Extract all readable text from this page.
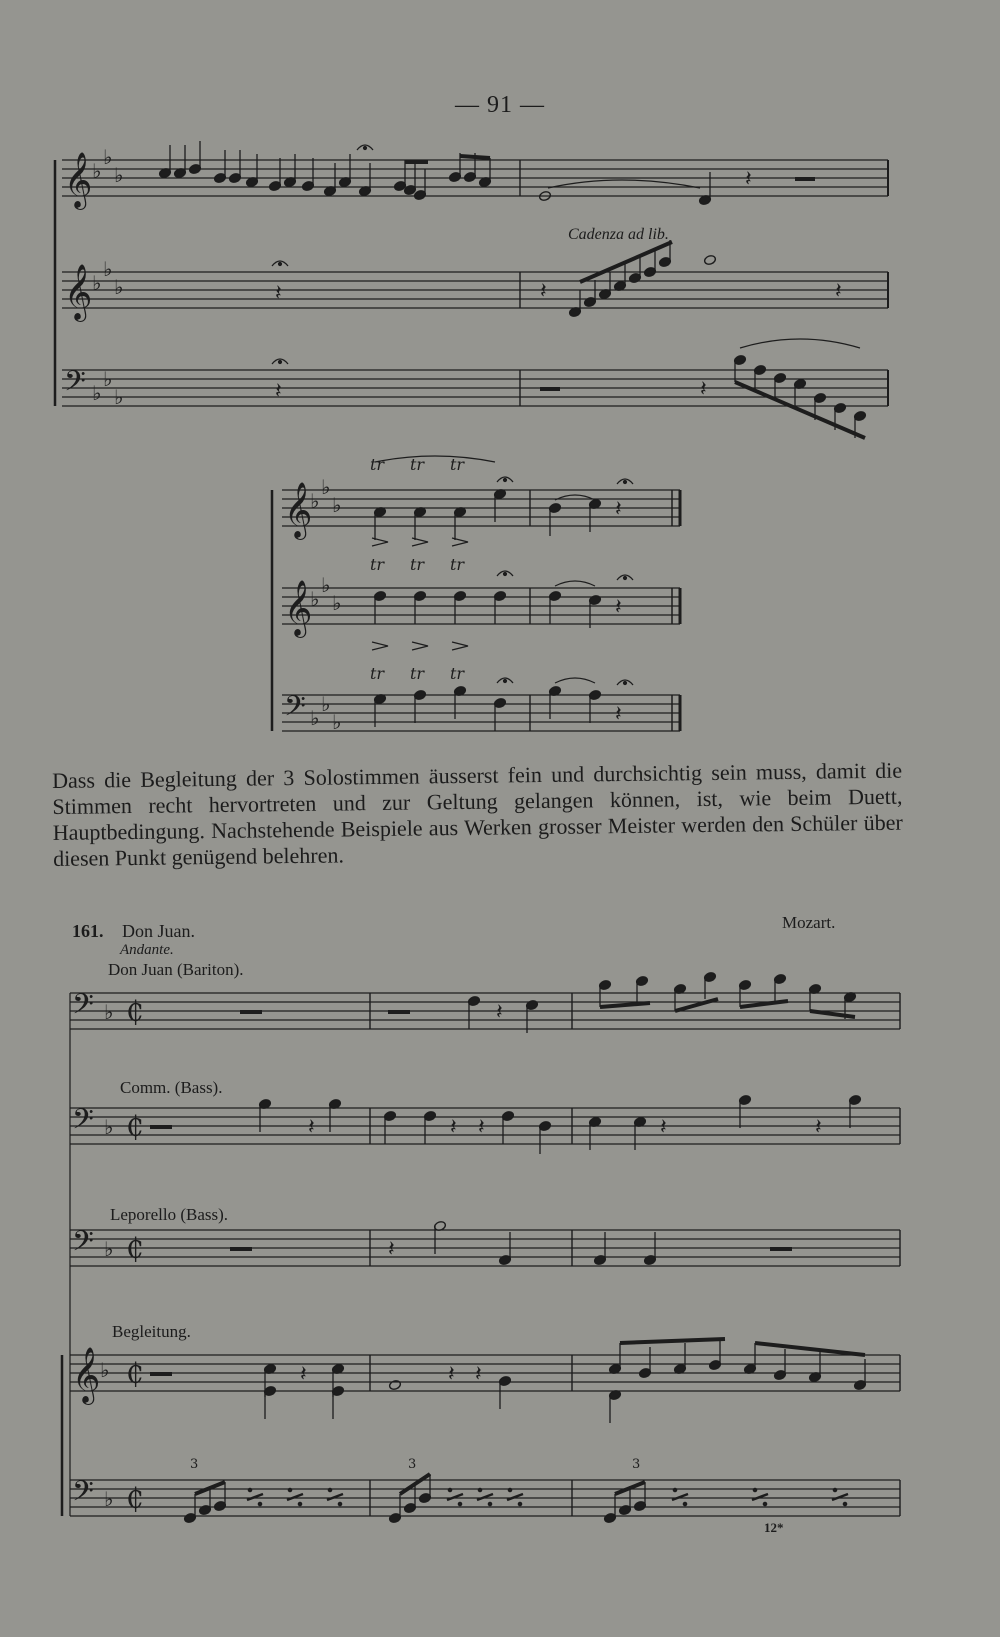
— 91 —
𝄞
𝄞
𝄢
♭
♭
♭
♭
♭
♭
♭
♭
♭
𝄽
𝄽	𝄽	𝄽
𝄽	𝄽
𝄞
𝄞
𝄢
♭
♭
♭
♭
♭
♭
♭
♭
♭
tr
tr
tr
tr
tr
tr
tr
tr
tr
𝄽
𝄽
𝄽
𝄢 ♭ ₵
𝄢 ♭ ₵
𝄢 ♭ ₵
𝄞 ♭ ₵
𝄢 ♭ ₵
𝄽
𝄽	𝄽 𝄽	𝄽	𝄽
𝄽
𝄽	𝄽 𝄽
3	3	3
Cadenza ad lib.

Dass die Begleitung der 3 Solostimmen äusserst fein und durchsichtig sein muss, damit die Stimmen recht hervortreten und zur Geltung gelangen können, ist, wie beim Duett, Hauptbedingung. Nachstehende Beispiele aus Werken grosser Meister werden den Schüler über diesen Punkt genügend belehren.

161. Don Juan.	Mozart.
Andante.
Don Juan (Bariton).
Comm. (Bass).
Leporello (Bass).
Begleitung.
12*
